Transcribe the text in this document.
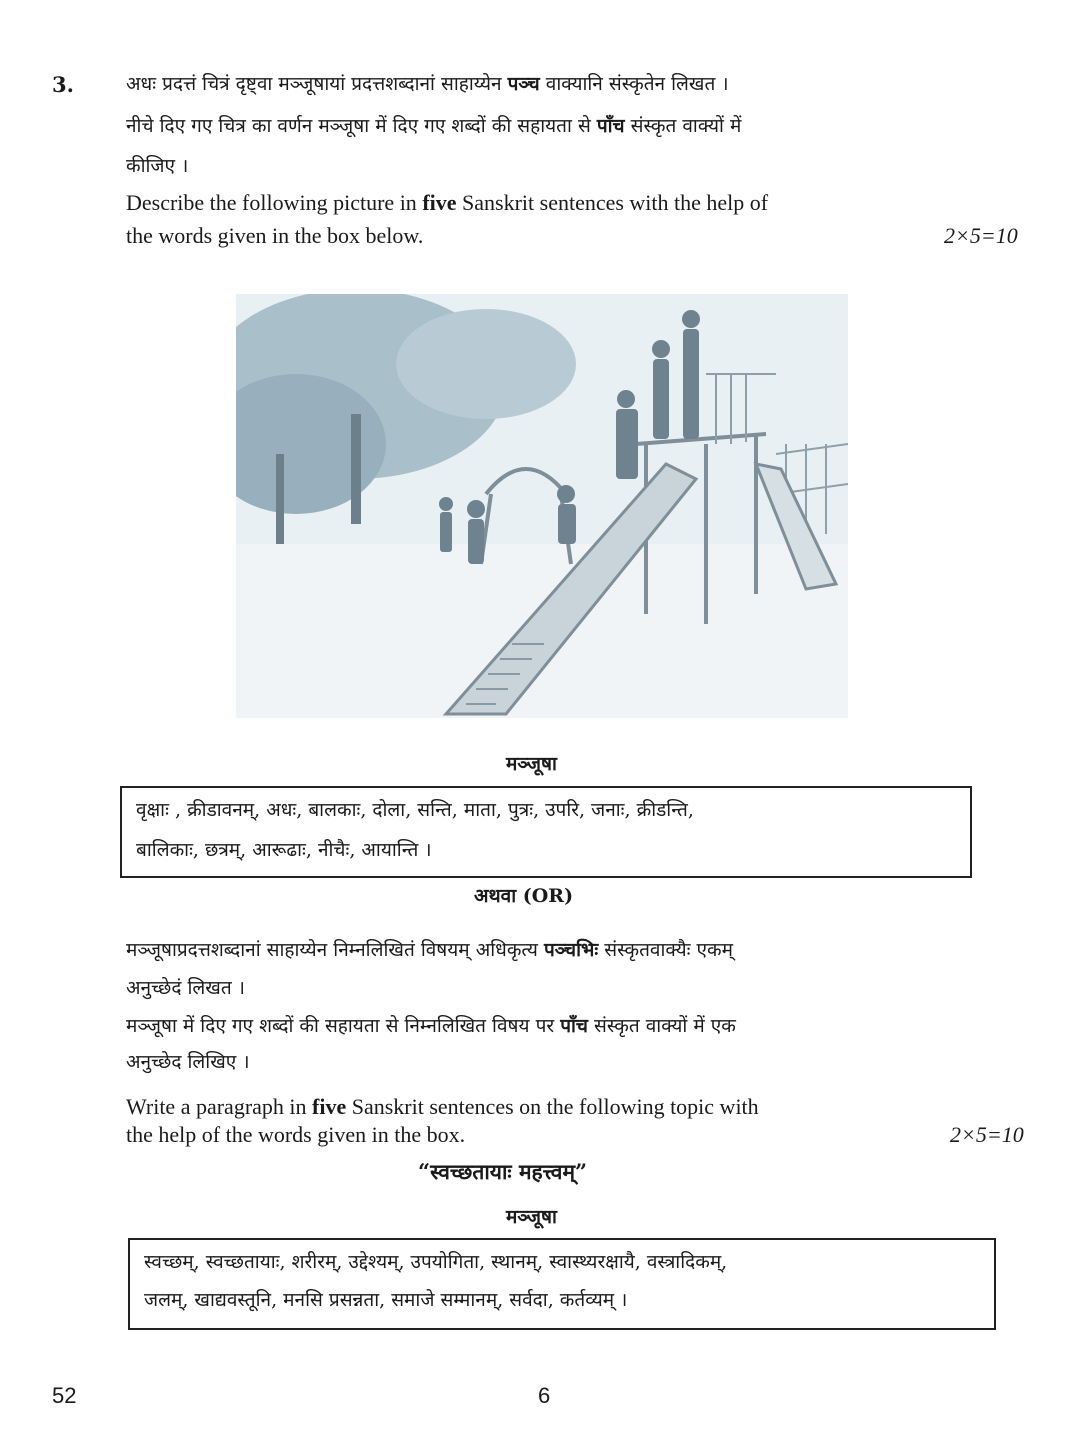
3.	अधः प्रदत्तं चित्रं दृष्ट्वा मञ्जूषायां प्रदत्तशब्दानां साहाय्येन पञ्च वाक्यानि संस्कृतेन लिखत ।
नीचे दिए गए चित्र का वर्णन मञ्जूषा में दिए गए शब्दों की सहायता से पाँच संस्कृत वाक्यों में
कीजिए ।
Describe the following picture in five Sanskrit sentences with the help of
the words given in the box below.	2×5=10
मञ्जूषा
वृक्षाः , क्रीडावनम्, अधः, बालकाः, दोला, सन्ति, माता, पुत्रः, उपरि, जनाः, क्रीडन्ति,
बालिकाः, छत्रम्, आरूढाः, नीचैः, आयान्ति ।
अथवा (OR)
मञ्जूषाप्रदत्तशब्दानां साहाय्येन निम्नलिखितं विषयम् अधिकृत्य पञ्चभिः संस्कृतवाक्यैः एकम्
अनुच्छेदं लिखत ।
मञ्जूषा में दिए गए शब्दों की सहायता से निम्नलिखित विषय पर पाँच संस्कृत वाक्यों में एक
अनुच्छेद लिखिए ।
Write a paragraph in five Sanskrit sentences on the following topic with
the help of the words given in the box.	2×5=10
“स्वच्छतायाः महत्त्वम्”
मञ्जूषा
स्वच्छम्, स्वच्छतायाः, शरीरम्, उद्देश्यम्, उपयोगिता, स्थानम्, स्वास्थ्यरक्षायै, वस्त्रादिकम्,
जलम्, खाद्यवस्तूनि, मनसि प्रसन्नता, समाजे सम्मानम्, सर्वदा, कर्तव्यम् ।
52	6
